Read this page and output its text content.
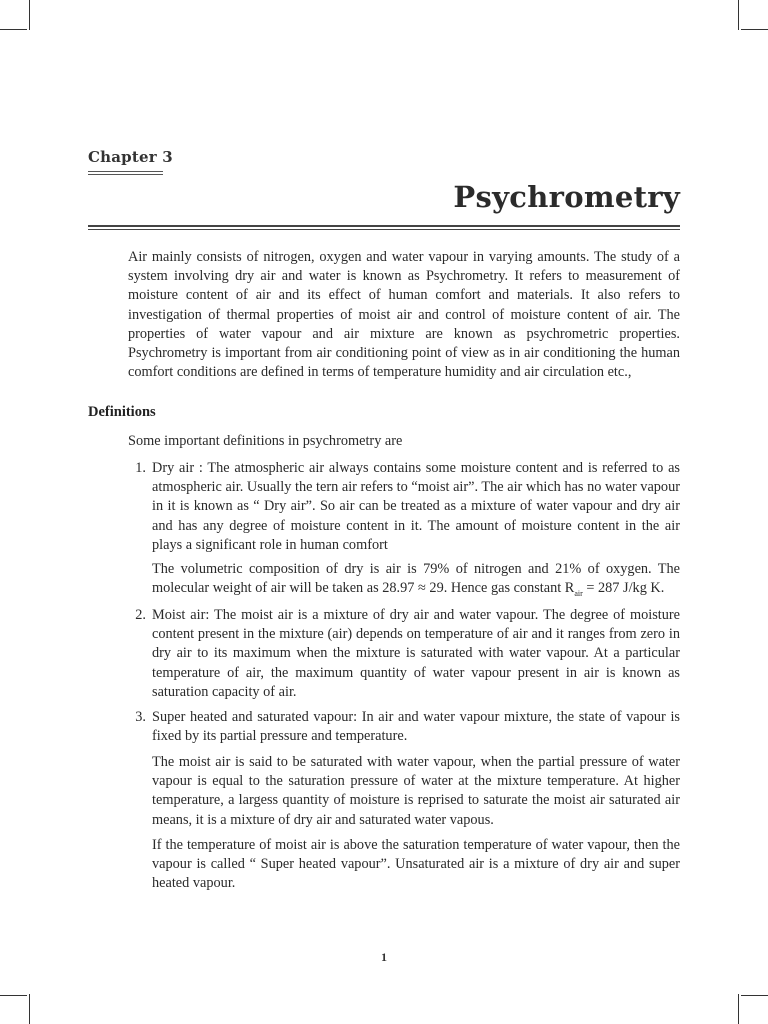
Chapter 3
Psychrometry
Air mainly consists of nitrogen, oxygen and water vapour in varying amounts. The study of a system involving dry air and water is known as Psychrometry. It refers to measurement of moisture content of air and its effect of human comfort and materials. It also refers to investigation of thermal properties of moist air and control of moisture content of air. The properties of water vapour and air mixture are known as psychrometric properties. Psychrometry is important from air conditioning point of view as in air conditioning the human comfort conditions are defined in terms of temperature humidity and air circulation etc.,
Definitions
Some important definitions in psychrometry are
1. Dry air : The atmospheric air always contains some moisture content and is referred to as atmospheric air. Usually the tern air refers to “moist air”. The air which has no water vapour in it is known as “ Dry air”. So air can be treated as a mixture of water vapour and dry air and has any degree of moisture content in it. The amount of moisture content in the air plays a significant role in human comfort
The volumetric composition of dry is air is 79% of nitrogen and 21% of oxygen. The molecular weight of air will be taken as 28.97 ≈ 29. Hence gas constant $R_{air} = 287$ J/kg K.
2. Moist air: The moist air is a mixture of dry air and water vapour. The degree of moisture content present in the mixture (air) depends on temperature of air and it ranges from zero in dry air to its maximum when the mixture is saturated with water vapour. At a particular temperature of air, the maximum quantity of water vapour present in air is known as saturation capacity of air.
3. Super heated and saturated vapour: In air and water vapour mixture, the state of vapour is fixed by its partial pressure and temperature.
The moist air is said to be saturated with water vapour, when the partial pressure of water vapour is equal to the saturation pressure of water at the mixture temperature. At higher temperature, a largess quantity of moisture is reprised to saturate the moist air saturated air means, it is a mixture of dry air and saturated water vapous.
If the temperature of moist air is above the saturation temperature of water vapour, then the vapour is called “ Super heated vapour”. Unsaturated air is a mixture of dry air and super heated vapour.
1
